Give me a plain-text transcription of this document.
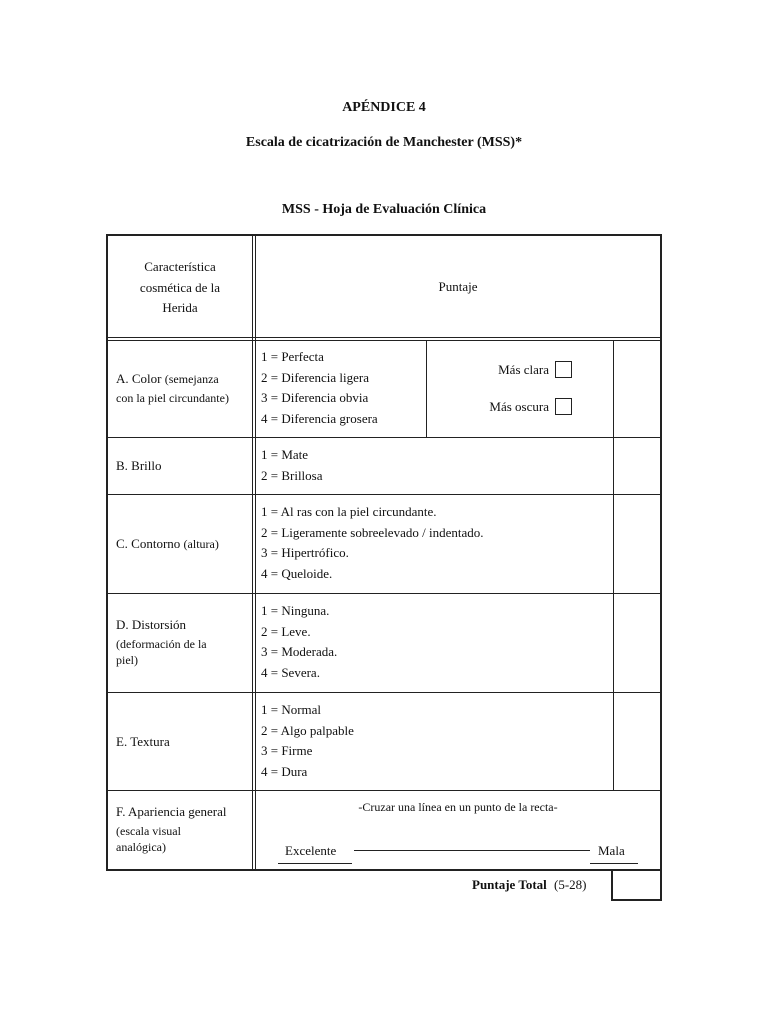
APÉNDICE 4
Escala de cicatrización de Manchester (MSS)*
MSS - Hoja de Evaluación Clínica
Característica
cosmética de la
Herida
Puntaje
A. Color (semejanza
con la piel circundante)
1 = Perfecta
2 = Diferencia ligera
3 = Diferencia obvia
4 = Diferencia grosera
Más clara
Más oscura
B. Brillo
1 = Mate
2 = Brillosa
C. Contorno (altura)
1 = Al ras con la piel circundante.
2 = Ligeramente sobreelevado / indentado.
3 = Hipertrófico.
4 = Queloide.
D. Distorsión
(deformación de la
piel)
1 = Ninguna.
2 = Leve.
3 = Moderada.
4 = Severa.
E. Textura
1 = Normal
2 = Algo palpable
3 = Firme
4 = Dura
F. Apariencia general
(escala visual
analógica)
-Cruzar una línea en un punto de la recta-
Excelente	Mala
Puntaje Total (5-28)
